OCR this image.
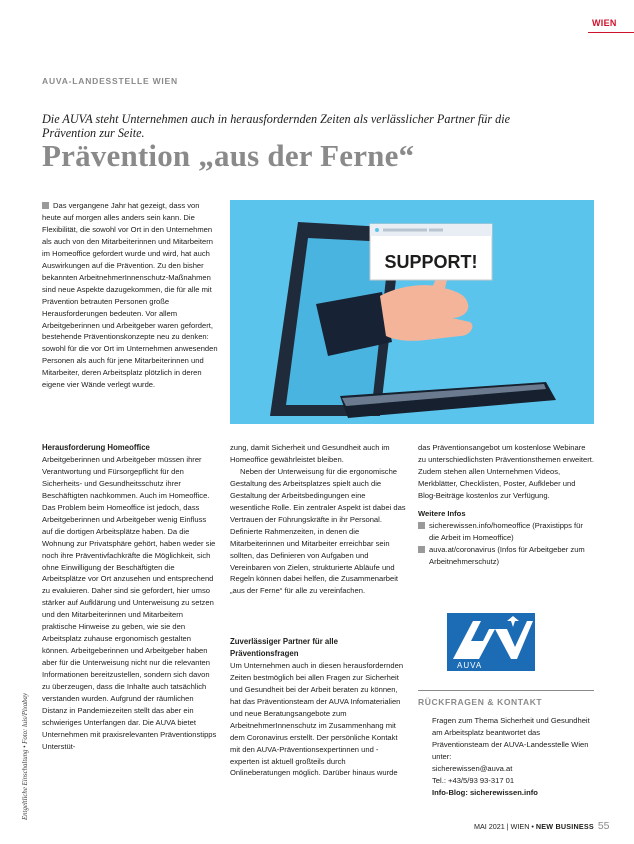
WIEN
AUVA-LANDESSTELLE WIEN
Die AUVA steht Unternehmen auch in herausfordernden Zeiten als verlässlicher Partner für die Prävention zur Seite.
Prävention „aus der Ferne“

Das vergangene Jahr hat gezeigt, dass von heute auf morgen alles anders sein kann. Die Flexibilität, die sowohl vor Ort in den Unternehmen als auch von den Mitarbeiterinnen und Mitarbeitern im Homeoffice gefordert wurde und wird, hat auch Auswirkungen auf die Prävention. Zu den bisher bekannten ArbeitnehmerInnenschutz-Maßnahmen sind neue Aspekte dazugekommen, die für alle mit Prävention betrauten Personen große Herausforderungen bedeuten. Vor allem Arbeitgeberinnen und Arbeitgeber waren gefordert, bestehende Präventionskonzepte neu zu denken: sowohl für die vor Ort im Unternehmen anwesenden Personen als auch für jene Mitarbeiterinnen und Mitarbeiter, deren Arbeitsplatz plötzlich in deren eigene vier Wände verlegt wurde.

SUPPORT!
Entgeltliche Einschaltung • Foto: luis/Pixabay

Herausforderung Homeoffice

Arbeitgeberinnen und Arbeitgeber müssen ihrer Verantwortung und Fürsorgepflicht für den Sicherheits- und Gesundheitsschutz ihrer Beschäftigten nachkommen. Auch im Homeoffice. Das Problem beim Homeoffice ist jedoch, dass Arbeitgeberinnen und Arbeitgeber wenig Einfluss auf die dortigen Arbeitsplätze haben. Da die Wohnung zur Privatsphäre gehört, haben weder sie noch ihre Präventivfachkräfte die Möglichkeit, sich ohne Einwilligung der Beschäftigten die Arbeitsplätze vor Ort anzusehen und entsprechend zu evaluieren. Daher sind sie gefordert, hier umso stärker auf Aufklärung und Unterweisung zu setzen und den Mitarbeiterinnen und Mitarbeitern praktische Hinweise zu geben, wie sie den Arbeitsplatz zuhause ergonomisch gestalten können. Arbeitgeberinnen und Arbeitgeber haben aber für die Unterweisung nicht nur die relevanten Informationen bereitzustellen, sondern sich davon zu überzeugen, dass die Inhalte auch tatsächlich verstanden wurden. Aufgrund der räumlichen Distanz in Pandemiezeiten stellt das aber ein schwieriges Unterfangen dar. Die AUVA bietet Unternehmen mit praxisrelevanten Präventionstipps Unterstüt-

zung, damit Sicherheit und Gesundheit auch im Homeoffice gewährleistet bleiben.

Neben der Unterweisung für die ergonomische Gestaltung des Arbeitsplatzes spielt auch die Gestaltung der Arbeitsbedingungen eine wesentliche Rolle. Ein zentraler Aspekt ist dabei das Vertrauen der Führungskräfte in ihr Personal. Definierte Rahmenzeiten, in denen die Mitarbeiterinnen und Mitarbeiter erreichbar sein sollten, das Definieren von Aufgaben und Vereinbaren von Zielen, strukturierte Abläufe und Regeln können dabei helfen, die Zusammenarbeit „aus der Ferne“ für alle zu vereinfachen.

Zuverlässiger Partner für alle Präventionsfragen

Um Unternehmen auch in diesen herausfordernden Zeiten bestmöglich bei allen Fragen zur Sicherheit und Gesundheit bei der Arbeit beraten zu können, hat das Präventionsteam der AUVA Infomaterialien und neue Beratungsangebote zum ArbeitnehmerInnenschutz im Zusammenhang mit dem Coronavirus erstellt. Der persönliche Kontakt mit den AUVA-Präventionsexpertinnen und -experten ist aktuell großteils durch Onlineberatungen möglich. Darüber hinaus wurde

das Präventionsangebot um kostenlose Webinare zu unterschiedlichsten Präventionsthemen erweitert. Zudem stehen allen Unternehmen Videos, Merkblätter, Checklisten, Poster, Aufkleber und Blog-Beiträge kostenlos zur Verfügung.

Weitere Infos

sicherewissen.info/homeoffice (Praxistipps für die Arbeit im Homeoffice)

auva.at/coronavirus (Infos für Arbeitgeber zum Arbeitnehmerschutz)

AUVA
RÜCKFRAGEN & KONTAKT

Fragen zum Thema Sicherheit und Gesundheit am Arbeitsplatz beantwortet das Präventionsteam der AUVA-Landesstelle Wien unter:

sicherewissen@auva.at

Tel.: +43/5/93 93-317 01

Info-Blog: sicherewissen.info

MAI 2021 | WIEN • NEW BUSINESS 55
